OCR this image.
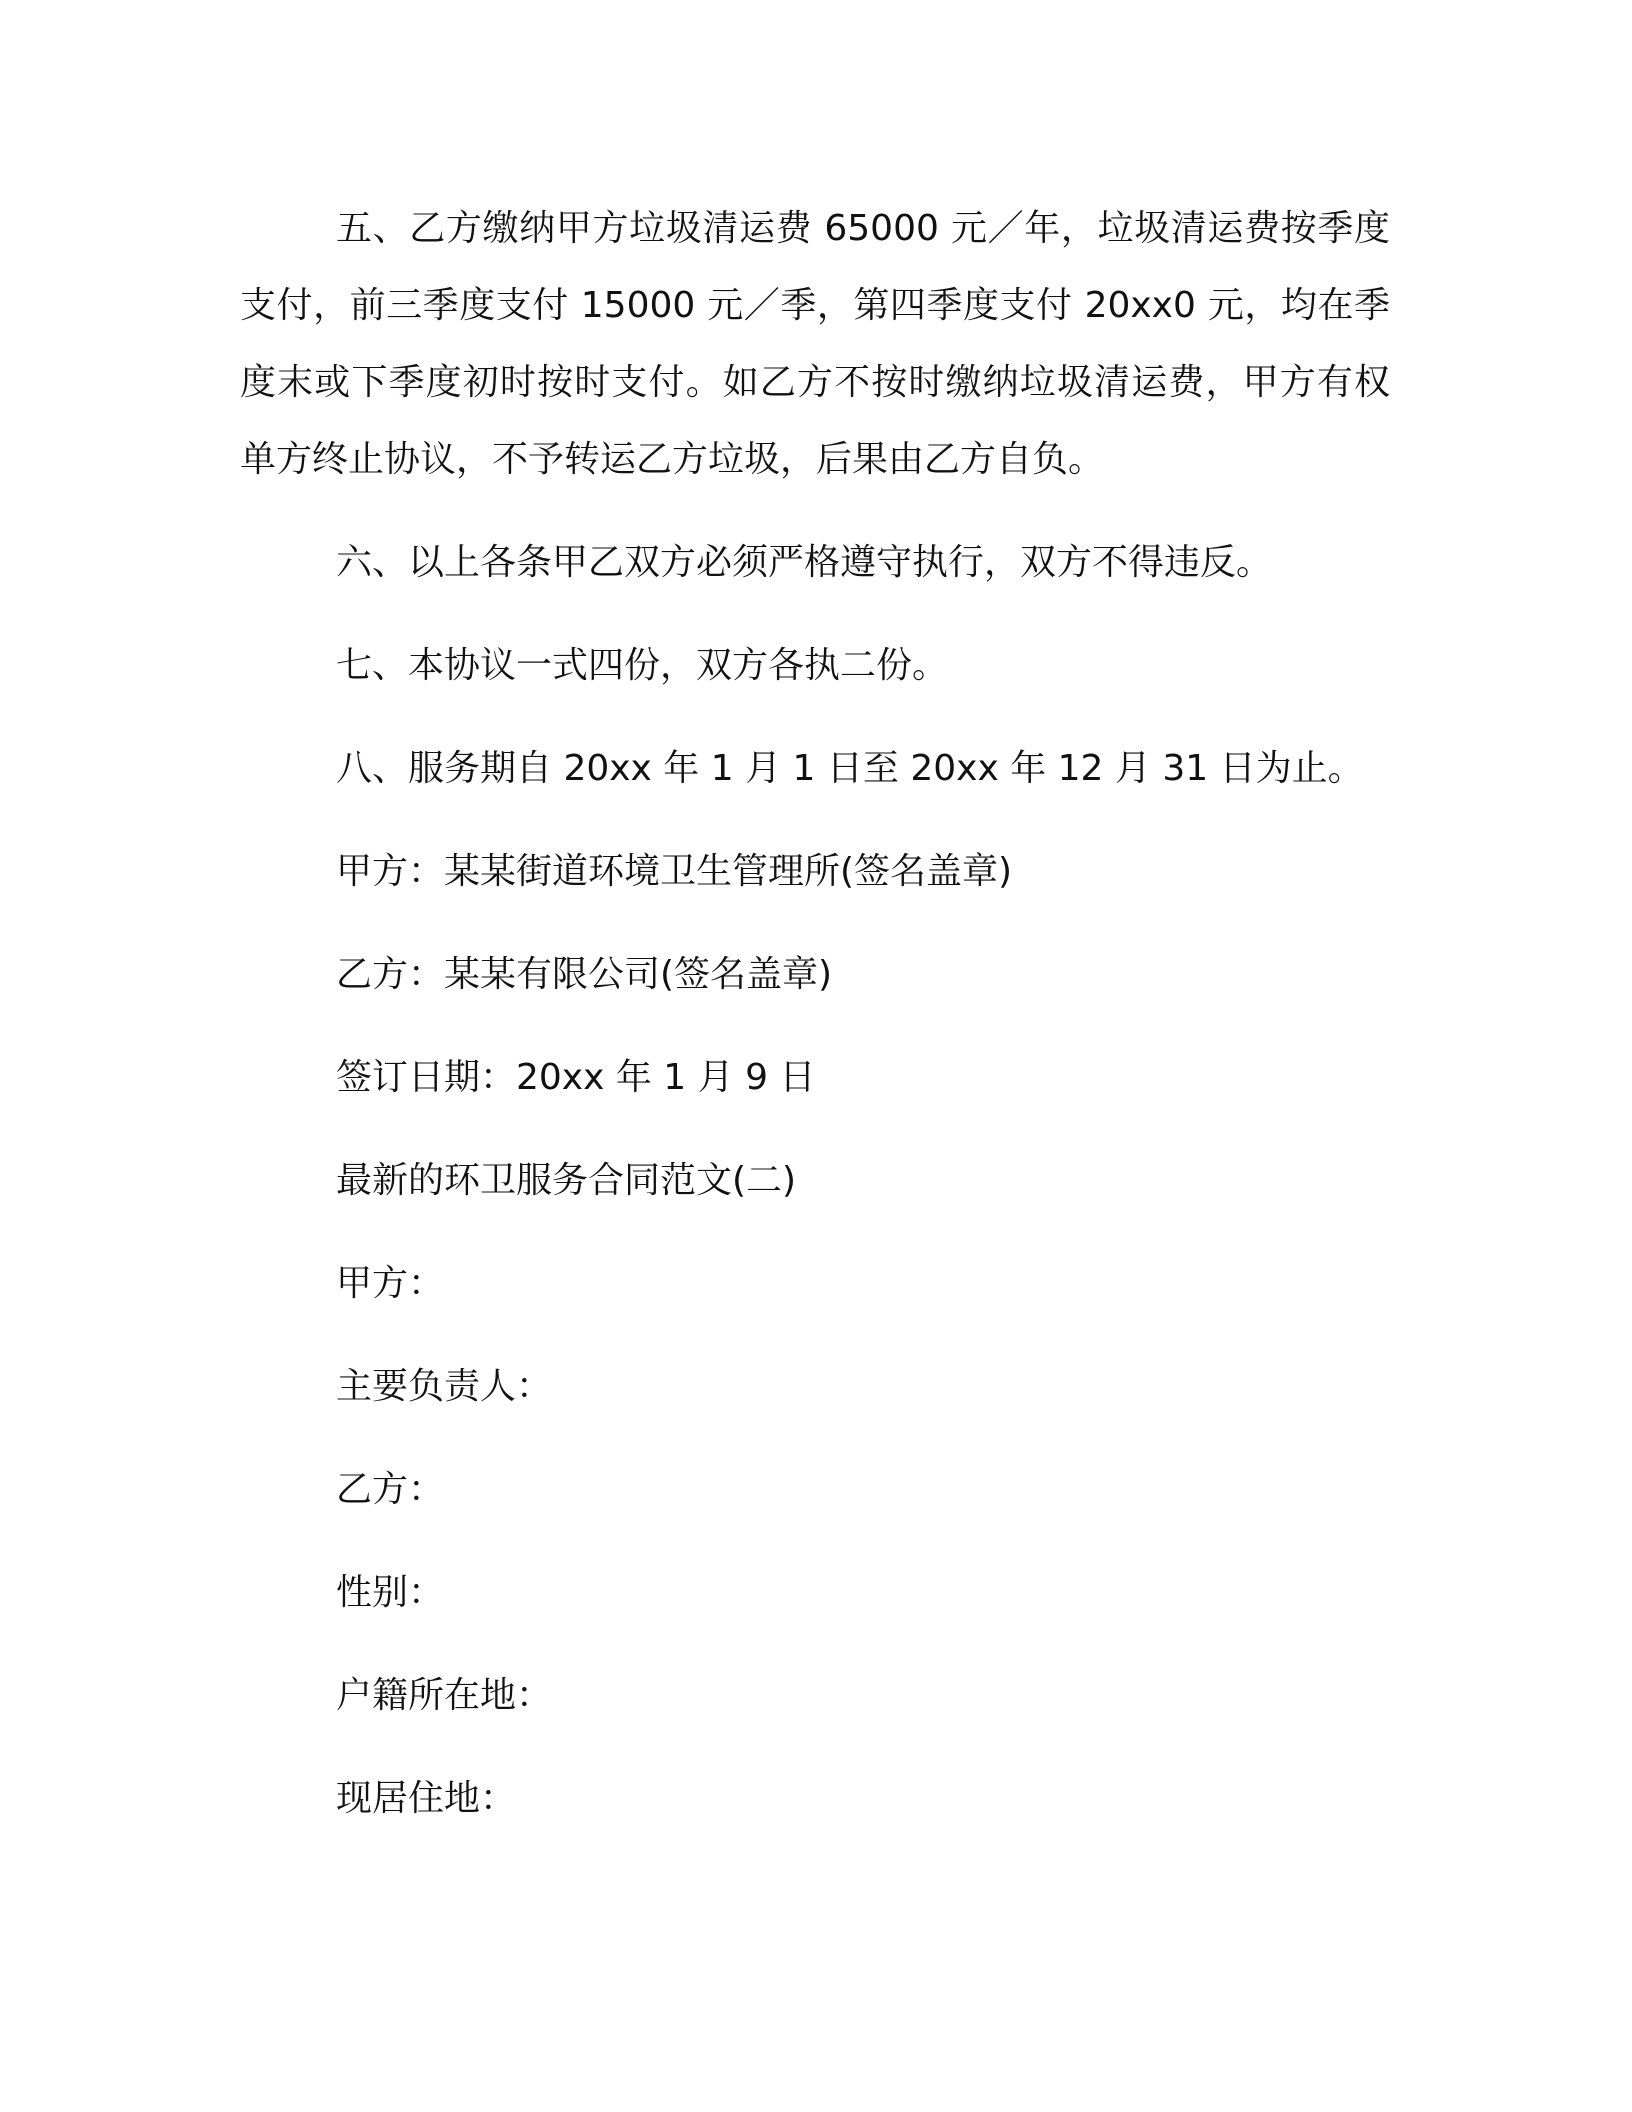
五、乙方缴纳甲方垃圾清运费 65000 元／年，垃圾清运费按季度支付，前三季度支付 15000 元／季，第四季度支付 20xx0 元，均在季度末或下季度初时按时支付。如乙方不按时缴纳垃圾清运费，甲方有权单方终止协议，不予转运乙方垃圾，后果由乙方自负。

六、以上各条甲乙双方必须严格遵守执行，双方不得违反。

七、本协议一式四份，双方各执二份。

八、服务期自 20xx 年 1 月 1 日至 20xx 年 12 月 31 日为止。

甲方：某某街道环境卫生管理所(签名盖章)

乙方：某某有限公司(签名盖章)

签订日期：20xx 年 1 月 9 日

最新的环卫服务合同范文(二)

甲方：

主要负责人：

乙方：

性别：

户籍所在地：

现居住地：
